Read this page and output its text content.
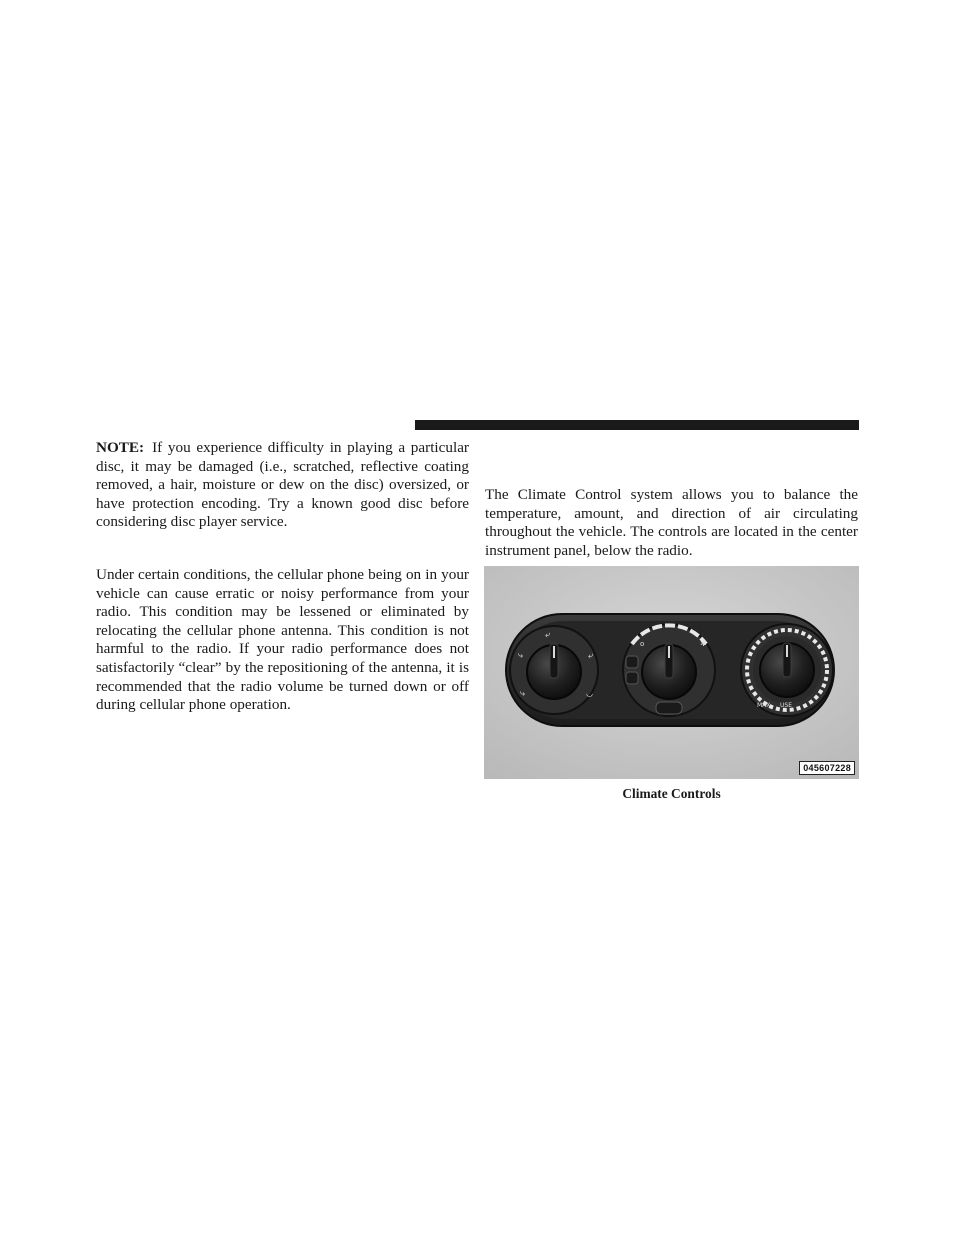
NOTE: If you experience difficulty in playing a particular disc, it may be damaged (i.e., scratched, reflective coating removed, a hair, moisture or dew on the disc) oversized, or have protection encoding. Try a known good disc before considering disc player service.

Under certain conditions, the cellular phone being on in your vehicle can cause erratic or noisy performance from your radio. This condition may be lessened or eliminated by relocating the cellular phone antenna. This condition is not harmful to the radio. If your radio performance does not satisfactorily “clear” by the repositioning of the antenna, it is recommended that the radio volume be turned down or off during cellular phone operation.

The Climate Control system allows you to balance the temperature, amount, and direction of air circulating throughout the vehicle. The controls are located in the center instrument panel, below the radio.

⤶
⤷	⤶
⤷	◡
o	✲
MAX USE
045607228
Climate Controls
